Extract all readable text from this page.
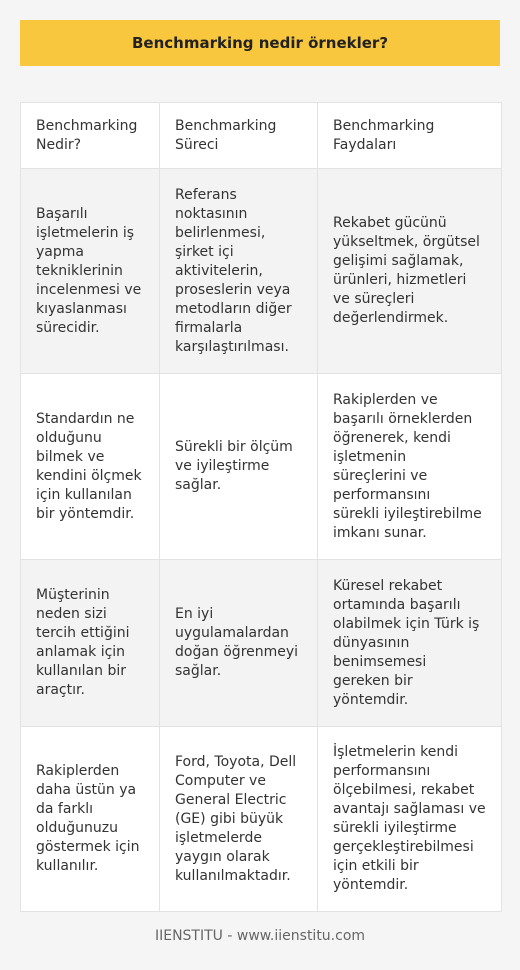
Benchmarking nedir örnekler?
Benchmarking
Nedir?
Benchmarking
Süreci
Benchmarking
Faydaları
Başarılı
işletmelerin iş
yapma
tekniklerinin
incelenmesi ve
kıyaslanması
sürecidir.
Referans
noktasının
belirlenmesi,
şirket içi
aktivitelerin,
proseslerin veya
metodların diğer
firmalarla
karşılaştırılması.
Rekabet gücünü
yükseltmek, örgütsel
gelişimi sağlamak,
ürünleri, hizmetleri
ve süreçleri
değerlendirmek.
Standardın ne
olduğunu
bilmek ve
kendini ölçmek
için kullanılan
bir yöntemdir.
Sürekli bir ölçüm
ve iyileştirme
sağlar.
Rakiplerden ve
başarılı örneklerden
öğrenerek, kendi
işletmenin
süreçlerini ve
performansını
sürekli iyileştirebilme
imkanı sunar.
Müşterinin
neden sizi
tercih ettiğini
anlamak için
kullanılan bir
araçtır.
En iyi
uygulamalardan
doğan öğrenmeyi
sağlar.
Küresel rekabet
ortamında başarılı
olabilmek için Türk iş
dünyasının
benimsemesi
gereken bir
yöntemdir.
Rakiplerden
daha üstün ya
da farklı
olduğunuzu
göstermek için
kullanılır.
Ford, Toyota, Dell
Computer ve
General Electric
(GE) gibi büyük
işletmelerde
yaygın olarak
kullanılmaktadır.
İşletmelerin kendi
performansını
ölçebilmesi, rekabet
avantajı sağlaması ve
sürekli iyileştirme
gerçekleştirebilmesi
için etkili bir
yöntemdir.
IIENSTITU - www.iienstitu.com
